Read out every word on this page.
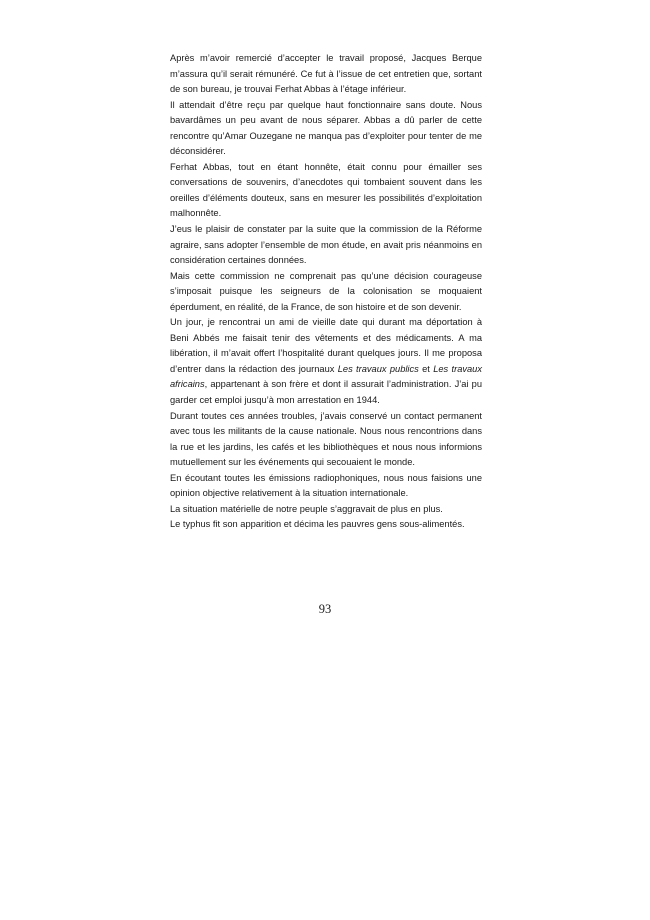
Après m’avoir remercié d’accepter le travail proposé, Jacques Berque m’assura qu’il serait rémunéré. Ce fut à l’issue de cet entretien que, sortant de son bureau, je trouvai Ferhat Abbas à l’étage inférieur.

Il attendait d’être reçu par quelque haut fonctionnaire sans doute. Nous bavardâmes un peu avant de nous séparer. Abbas a dû parler de cette rencontre qu’Amar Ouzegane ne manqua pas d’exploiter pour tenter de me déconsidérer.

Ferhat Abbas, tout en étant honnête, était connu pour émailler ses conversations de souvenirs, d’anecdotes qui tombaient souvent dans les oreilles d’éléments douteux, sans en mesurer les possibilités d’exploitation malhonnête.

J’eus le plaisir de constater par la suite que la commission de la Réforme agraire, sans adopter l’ensemble de mon étude, en avait pris néanmoins en considération certaines données.

Mais cette commission ne comprenait pas qu’une décision courageuse s’imposait puisque les seigneurs de la colonisation se moquaient éperdument, en réalité, de la France, de son histoire et de son devenir.

Un jour, je rencontrai un ami de vieille date qui durant ma déportation à Beni Abbés me faisait tenir des vêtements et des médicaments. A ma libération, il m’avait offert l’hospitalité durant quelques jours. Il me proposa d’entrer dans la rédaction des journaux Les travaux publics et Les travaux africains, appartenant à son frère et dont il assurait l’administration. J’ai pu garder cet emploi jusqu’à mon arrestation en 1944.

Durant toutes ces années troubles, j’avais conservé un contact permanent avec tous les militants de la cause nationale. Nous nous rencontrions dans la rue et les jardins, les cafés et les bibliothèques et nous nous informions mutuellement sur les événements qui secouaient le monde.

En écoutant toutes les émissions radiophoniques, nous nous faisions une opinion objective relativement à la situation internationale.

La situation matérielle de notre peuple s’aggravait de plus en plus.

Le typhus fit son apparition et décima les pauvres gens sous-alimentés.

93
